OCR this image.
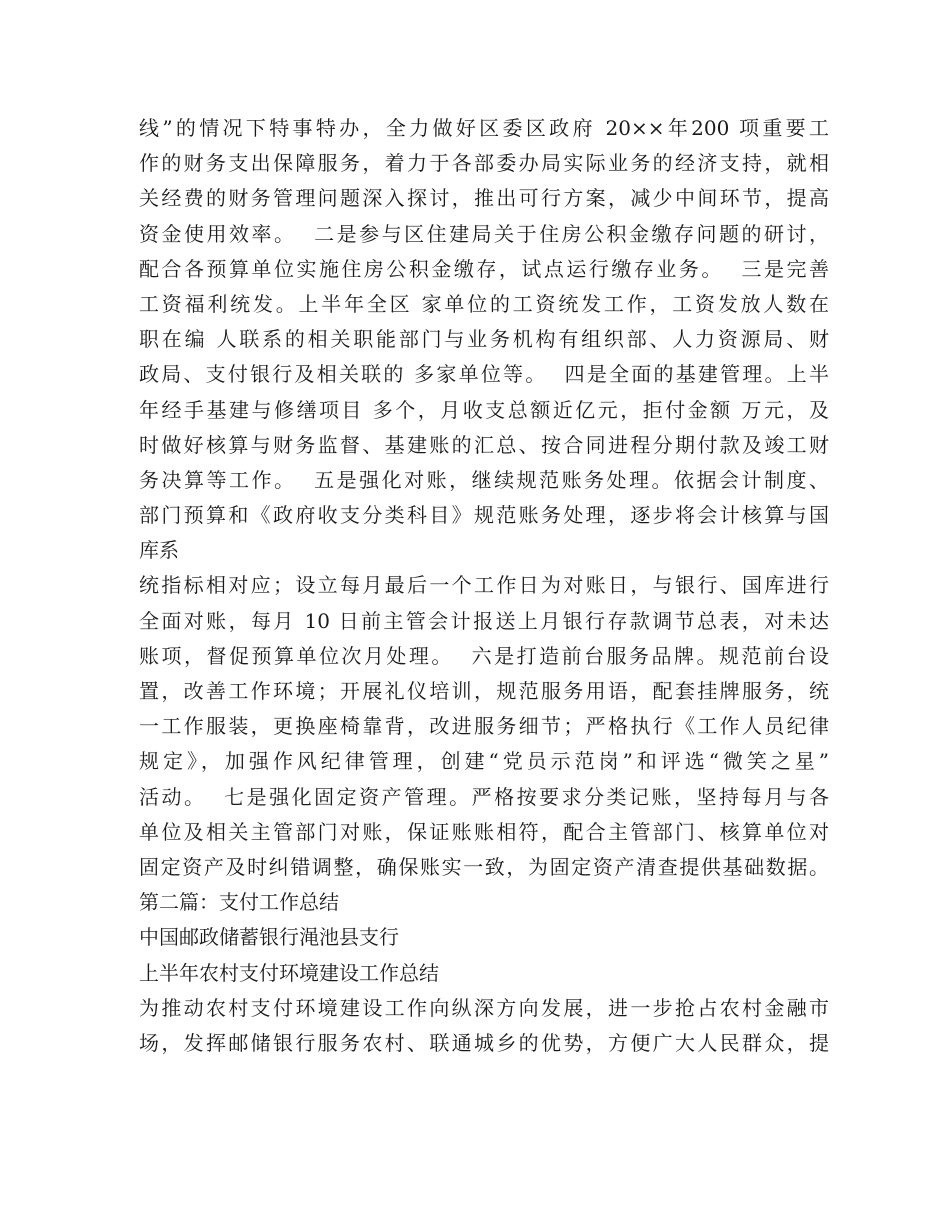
线”的情况下特事特办，全力做好区委区政府 20××年200 项重要工
作的财务支出保障服务，着力于各部委办局实际业务的经济支持，就相
关经费的财务管理问题深入探讨，推出可行方案，减少中间环节，提高
资金使用效率。  二是参与区住建局关于住房公积金缴存问题的研讨，
配合各预算单位实施住房公积金缴存，试点运行缴存业务。  三是完善
工资福利统发。上半年全区 家单位的工资统发工作，工资发放人数在
职在编 人联系的相关职能部门与业务机构有组织部、人力资源局、财
政局、支付银行及相关联的 多家单位等。  四是全面的基建管理。上半
年经手基建与修缮项目 多个，月收支总额近亿元，拒付金额 万元，及
时做好核算与财务监督、基建账的汇总、按合同进程分期付款及竣工财
务决算等工作。  五是强化对账，继续规范账务处理。依据会计制度、
部门预算和《政府收支分类科目》规范账务处理，逐步将会计核算与国
库系
统指标相对应；设立每月最后一个工作日为对账日，与银行、国库进行
全面对账，每月 10 日前主管会计报送上月银行存款调节总表，对未达
账项，督促预算单位次月处理。  六是打造前台服务品牌。规范前台设
置，改善工作环境；开展礼仪培训，规范服务用语，配套挂牌服务，统
一工作服装，更换座椅靠背，改进服务细节；严格执行《工作人员纪律
规定》，加强作风纪律管理，创建“党员示范岗”和评选“微笑之星”
活动。  七是强化固定资产管理。严格按要求分类记账，坚持每月与各
单位及相关主管部门对账，保证账账相符，配合主管部门、核算单位对
固定资产及时纠错调整，确保账实一致，为固定资产清查提供基础数据。
第二篇：支付工作总结
中国邮政储蓄银行渑池县支行
上半年农村支付环境建设工作总结
为推动农村支付环境建设工作向纵深方向发展，进一步抢占农村金融市
场，发挥邮储银行服务农村、联通城乡的优势，方便广大人民群众，提
